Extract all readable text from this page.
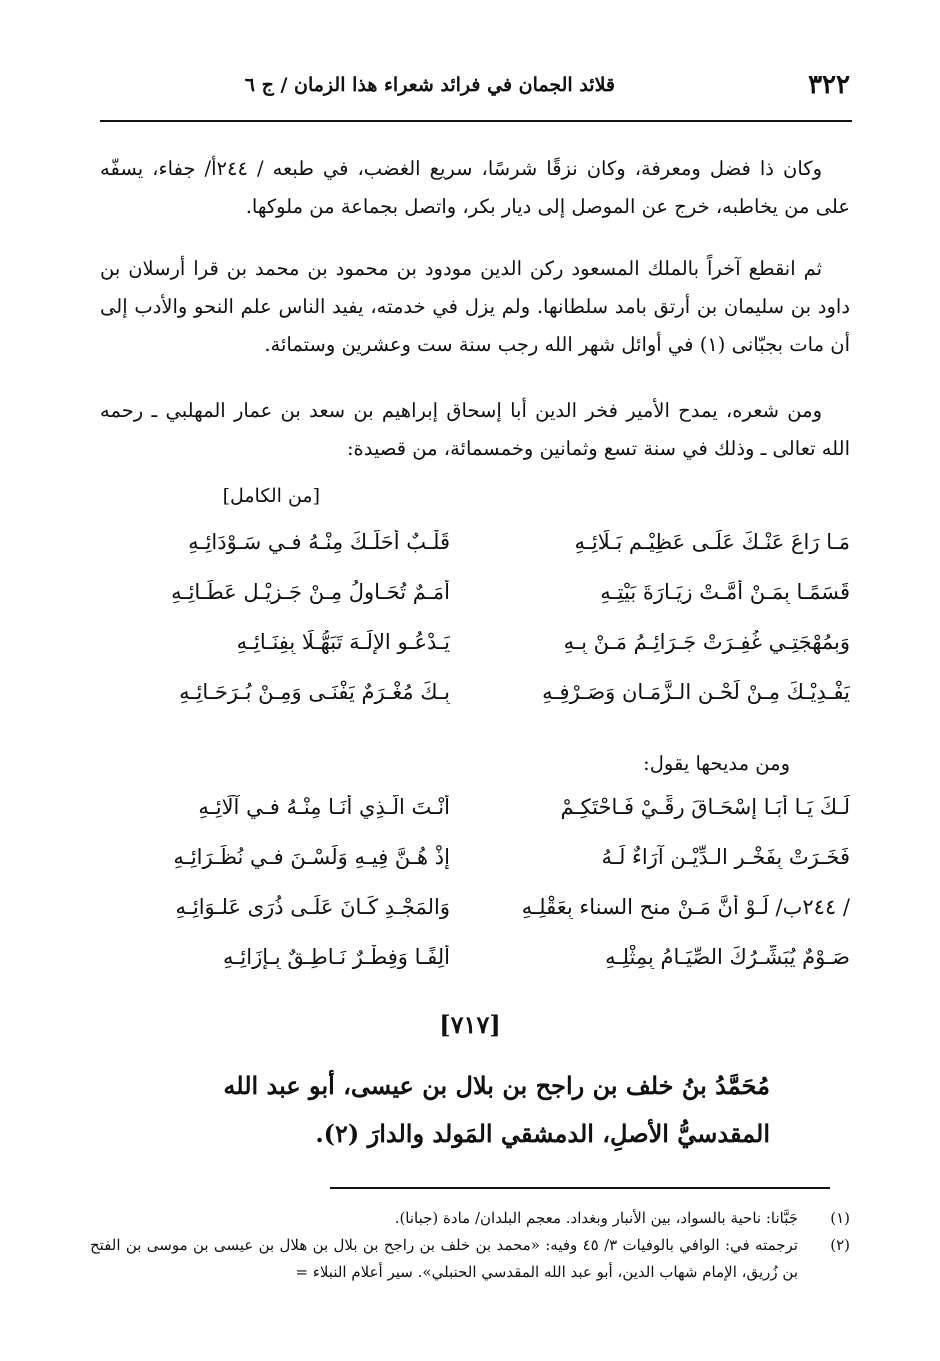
٣٢٢
قلائد الجمان في فرائد شعراء هذا الزمان / ج ٦

وكان ذا فضل ومعرفة، وكان نزقًا شرسًا، سريع الغضب، في طبعه / ٢٤٤أ/ جفاء، يسفّه على من يخاطبه، خرج عن الموصل إلى ديار بكر، واتصل بجماعة من ملوكها.

ثم انقطع آخراً بالملك المسعود ركن الدين مودود بن محمود بن محمد بن قرا أرسلان بن داود بن سليمان بن أرتق بامد سلطانها. ولم يزل في خدمته، يفيد الناس علم النحو والأدب إلى أن مات بجبّانى (١) في أوائل شهر الله رجب سنة ست وعشرين وستمائة.

ومن شعره، يمدح الأمير فخر الدين أبا إسحاق إبراهيم بن سعد بن عمار المهلبي ـ رحمه الله تعالى ـ وذلك في سنة تسع وثمانين وخمسمائة، من قصيدة:

[من الكامل]
مَـا رَاعَ عَنْـكَ عَلَـى عَظِيْـمِ بَـلَائِـهِ
قَلْـبٌ أَحَلَّـكَ مِنْـهُ فـي سَـوْدَائِـهِ
قَسَمًـا بِمَـنْ أَمَّـتْ زِيَـارَةَ بَيْتِـهِ
أُمَـمٌ تُحَـاوِلُ مِـنْ جَـزِيْـلِ عَطَـائِـهِ
وَبِمُهْجَتِـي غُفِـرَتْ جَـرَائِـمُ مَـنْ بِـهِ
يَـدْعُـو الإِلَـهَ تَبَهُّـلًا بِفِنَـائِـهِ
يَفْـدِيْـكَ مِـنْ لَحْـنِ الـزَّمَـانِ وَصَـرْفِـهِ
بِـكَ مُغْـرَمٌ يَفْنَـى وَمِـنْ بُـرَحَـائِـهِ
ومن مديحها يقول:
لَـكَ يَـا أَبَـا إِسْحَـاقَ رِقِّـيْ فَـاحْتَكِـمْ
أَنْـتَ الَّـذِي أَنَـا مِنْـهُ فـي آلَائِـهِ
فَخَـرَتْ بِفَخْـرِ الـدِّيْـنِ آرَاءٌ لَـهُ
إِذْ هُـنَّ فِيـهِ وَلَسْـنَ فـي نُظَـرَائِـهِ
/ ٢٤٤ب/ لَـوْ أَنَّ مَـنْ منح السناء بِعَقْلِـهِ
وَالمَجْـدِ كَـانَ عَلَـى ذُرَى عَلـوَائِـهِ
صَـوْمٌ يُبَشِّـرُكَ الصِّيَـامُ بِمِثْلِـهِ
أَلِفًـا وَفِطْـرٌ نَـاطِـقٌ بِـإِزَائِـهِ
[٧١٧]
مُحَمَّدُ بنُ خلف بن راجح بن بلال بن عيسى، أبو عبد الله المقدسيُّ الأصلِ، الدمشقي المَولد والدارَ (٢).
(١)
جَبَّانا: ناحية بالسواد، بين الأنبار وبغداد. معجم البلدان/ مادة (جبانا).
(٢)
ترجمته في: الوافي بالوفيات ٣/ ٤٥ وفيه: «محمد بن خلف بن راجح بن بلال بن هلال بن عيسى بن موسى بن الفتح بن زُريق، الإمام شهاب الدين، أبو عبد الله المقدسي الحنبلي». سير أعلام النبلاء =
